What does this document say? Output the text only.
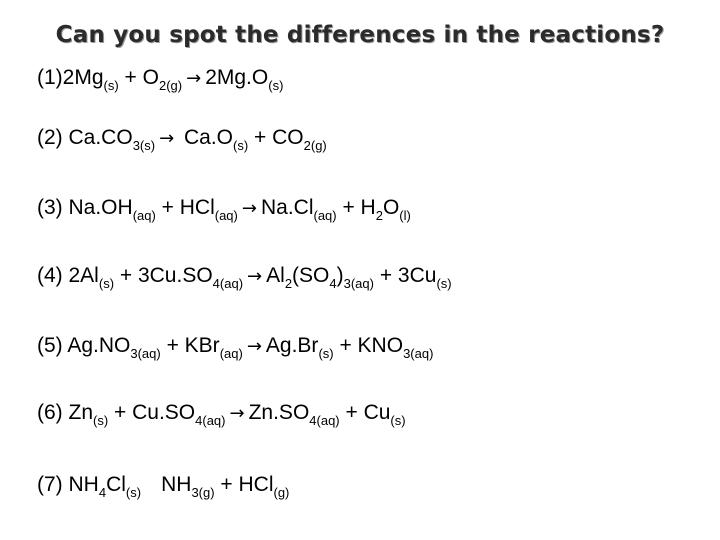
Can you spot the differences in the reactions?
$(1)2Mg_{(s)} + O_{2(g)} \to 2Mg.O_{(s)}$
(2) $Ca.CO_{3(s)} \to Ca.O_{(s)} + CO_{2(g)}$
(3) $Na.OH_{(aq)} + HCl_{(aq)} \to Na.Cl_{(aq)} + H_2O_{(l)}$
(4) $2Al_{(s)} + 3Cu.SO_{4(aq)} \to Al_2(SO_4)_{3(aq)} + 3Cu_{(s)}$
(5) $Ag.NO_{3(aq)} + KBr_{(aq)} \to Ag.Br_{(s)} + KNO_{3(aq)}$
(6) $Zn_{(s)} + Cu.SO_{4(aq)} \to Zn.SO_{4(aq)} + Cu_{(s)}$
(7) $NH_4Cl_{(s)}$ $NH_{3(g)} + HCl_{(g)}$
